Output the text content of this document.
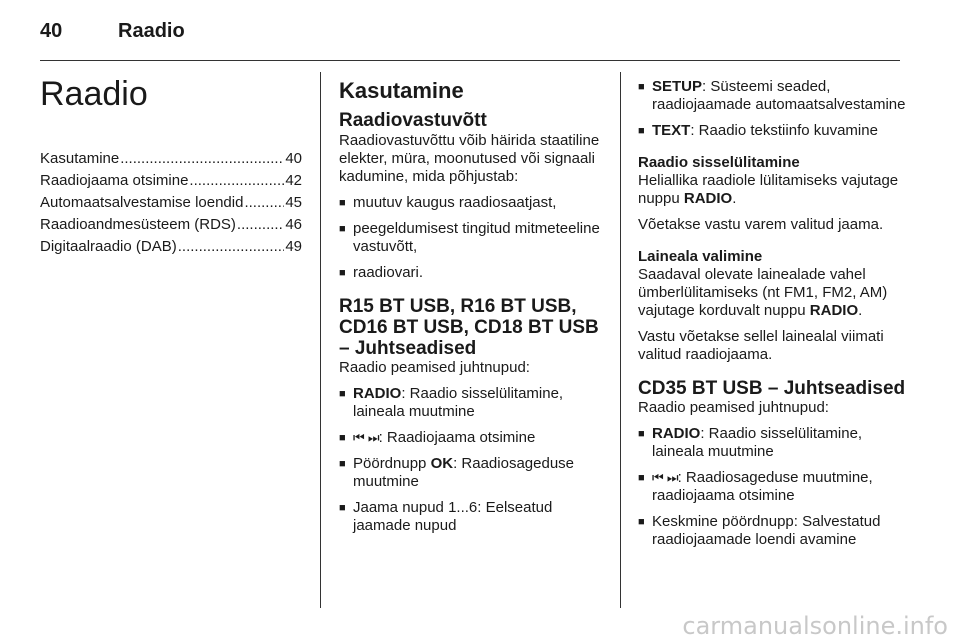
40	Raadio
Raadio
Kasutamine .....	40
Raadiojaama otsimine .....	42
Automaatsalvestamise loendid .....	45
Raadioandmesüsteem (RDS) .....	46
Digitaalraadio (DAB) .....	49
Kasutamine
Raadiovastuvõtt

Raadiovastuvõttu võib häirida staatiline elekter, müra, moonutused või signaali kadumine, mida põhjustab:

■ muutuv kaugus raadiosaatjast,
■ peegeldumisest tingitud mitmeteeline vastuvõtt,
■ raadiovari.
R15 BT USB, R16 BT USB, CD16 BT USB, CD18 BT USB – Juhtseadised

Raadio peamised juhtnupud:

■ RADIO: Raadio sisselülitamine, laineala muutmine
■ ⏮ ⏭: Raadiojaama otsimine
■ Pöördnupp OK: Raadiosageduse muutmine
■ Jaama nupud 1...6: Eelseatud jaamade nupud
■ SETUP: Süsteemi seaded, raadiojaamade automaatsalvestamine
■ TEXT: Raadio tekstiinfo kuvamine
Raadio sisselülitamine

Heliallika raadiole lülitamiseks vajutage nuppu RADIO.

Võetakse vastu varem valitud jaama.

Laineala valimine

Saadaval olevate lainealade vahel ümberlülitamiseks (nt FM1, FM2, AM) vajutage korduvalt nuppu RADIO.

Vastu võetakse sellel lainealal viimati valitud raadiojaama.

CD35 BT USB – Juhtseadised

Raadio peamised juhtnupud:

■ RADIO: Raadio sisselülitamine, laineala muutmine
■ ⏮ ⏭: Raadiosageduse muutmine, raadiojaama otsimine
■ Keskmine pöördnupp: Salvestatud raadiojaamade loendi avamine
carmanualsonline.info
